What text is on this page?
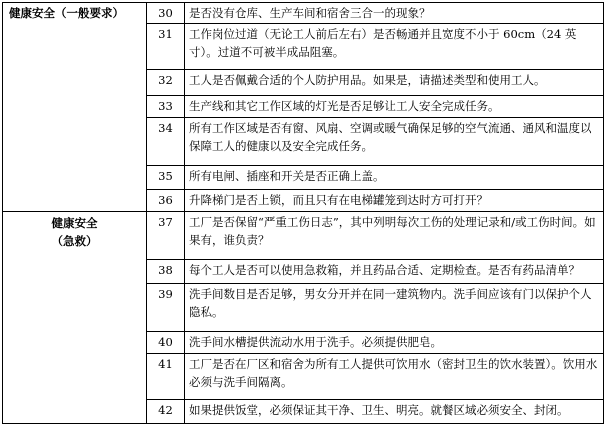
健康安全（一般要求）	30	是否没有仓库、生产车间和宿舍三合一的现象？
	31	工作岗位过道（无论工人前后左右）是否畅通并且宽度不小于 60cm（24 英寸）。过道不可被半成品阻塞。
	32	工人是否佩戴合适的个人防护用品。如果是，请描述类型和使用工人。
	33	生产线和其它工作区域的灯光是否足够让工人安全完成任务。
	34	所有工作区域是否有窗、风扇、空调或暖气确保足够的空气流通、通风和温度以保障工人的健康以及安全完成任务。
	35	所有电闸、插座和开关是否正确上盖。
	36	升降梯门是否上锁，而且只有在电梯罐笼到达时方可打开？

健康安全
（急救）	37	工厂是否保留“严重工伤日志”，其中列明每次工伤的处理记录和/或工伤时间。如果有，谁负责？
	38	每个工人是否可以使用急救箱，并且药品合适、定期检查。是否有药品清单？
	39	洗手间数目是否足够，男女分开并在同一建筑物内。洗手间应该有门以保护个人隐私。
	40	洗手间水槽提供流动水用于洗手。必须提供肥皂。
	41	工厂是否在厂区和宿舍为所有工人提供可饮用水（密封卫生的饮水装置）。饮用水必须与洗手间隔离。
	42	如果提供饭堂，必须保证其干净、卫生、明亮。就餐区域必须安全、封闭。
